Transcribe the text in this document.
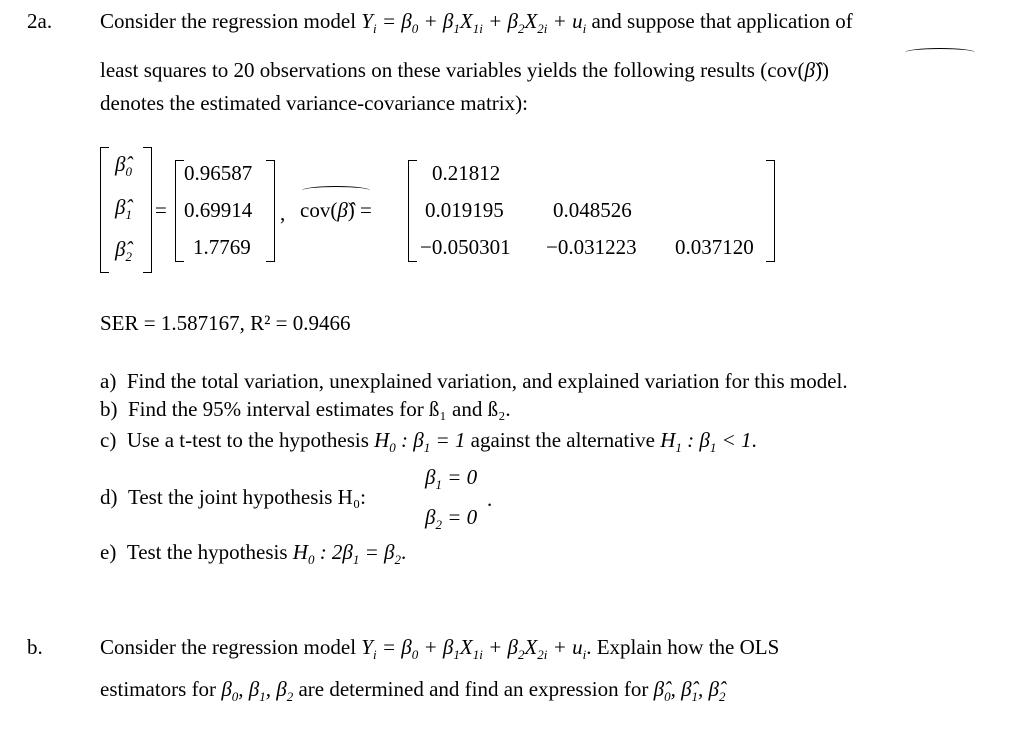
2a. Consider the regression model $Y_i = \beta_0 + \beta_1X_{1i} + \beta_2X_{2i} + u_i$ and suppose that application of
least squares to 20 observations on these variables yields the following results (cov(β̂))
denotes the estimated variance-covariance matrix):
$\betâ_0$
$\betâ_1$
$\betâ_2$
=
0.96587
0.69914
1.7769
, cov(β̂) =
0.21812
0.019195 0.048526
−0.050301 −0.031223 0.037120
SER = 1.587167, R² = 0.9466
a) Find the total variation, unexplained variation, and explained variation for this model.
b) Find the 95% interval estimates for ß₁ and ß₂.
c) Use a t-test to the hypothesis $H_0$ : $\beta_1 = 1$ against the alternative $H_1$ : $\beta_1 < 1$.
d) Test the joint hypothesis H₀:
$\beta_1 = 0$
$\beta_2 = 0$
.
e) Test the hypothesis $H_0$ : $2\beta_1 = \beta_2$.
b.	Consider the regression model $Y_i = \beta_0 + \beta_1X_{1i} + \beta_2X_{2i} + u_i$. Explain how the OLS
estimators for $\beta_0$, $\beta_1$, $\beta_2$ are determined and find an expression for $\betâ_0$, $\betâ_1$, $\betâ_2$
